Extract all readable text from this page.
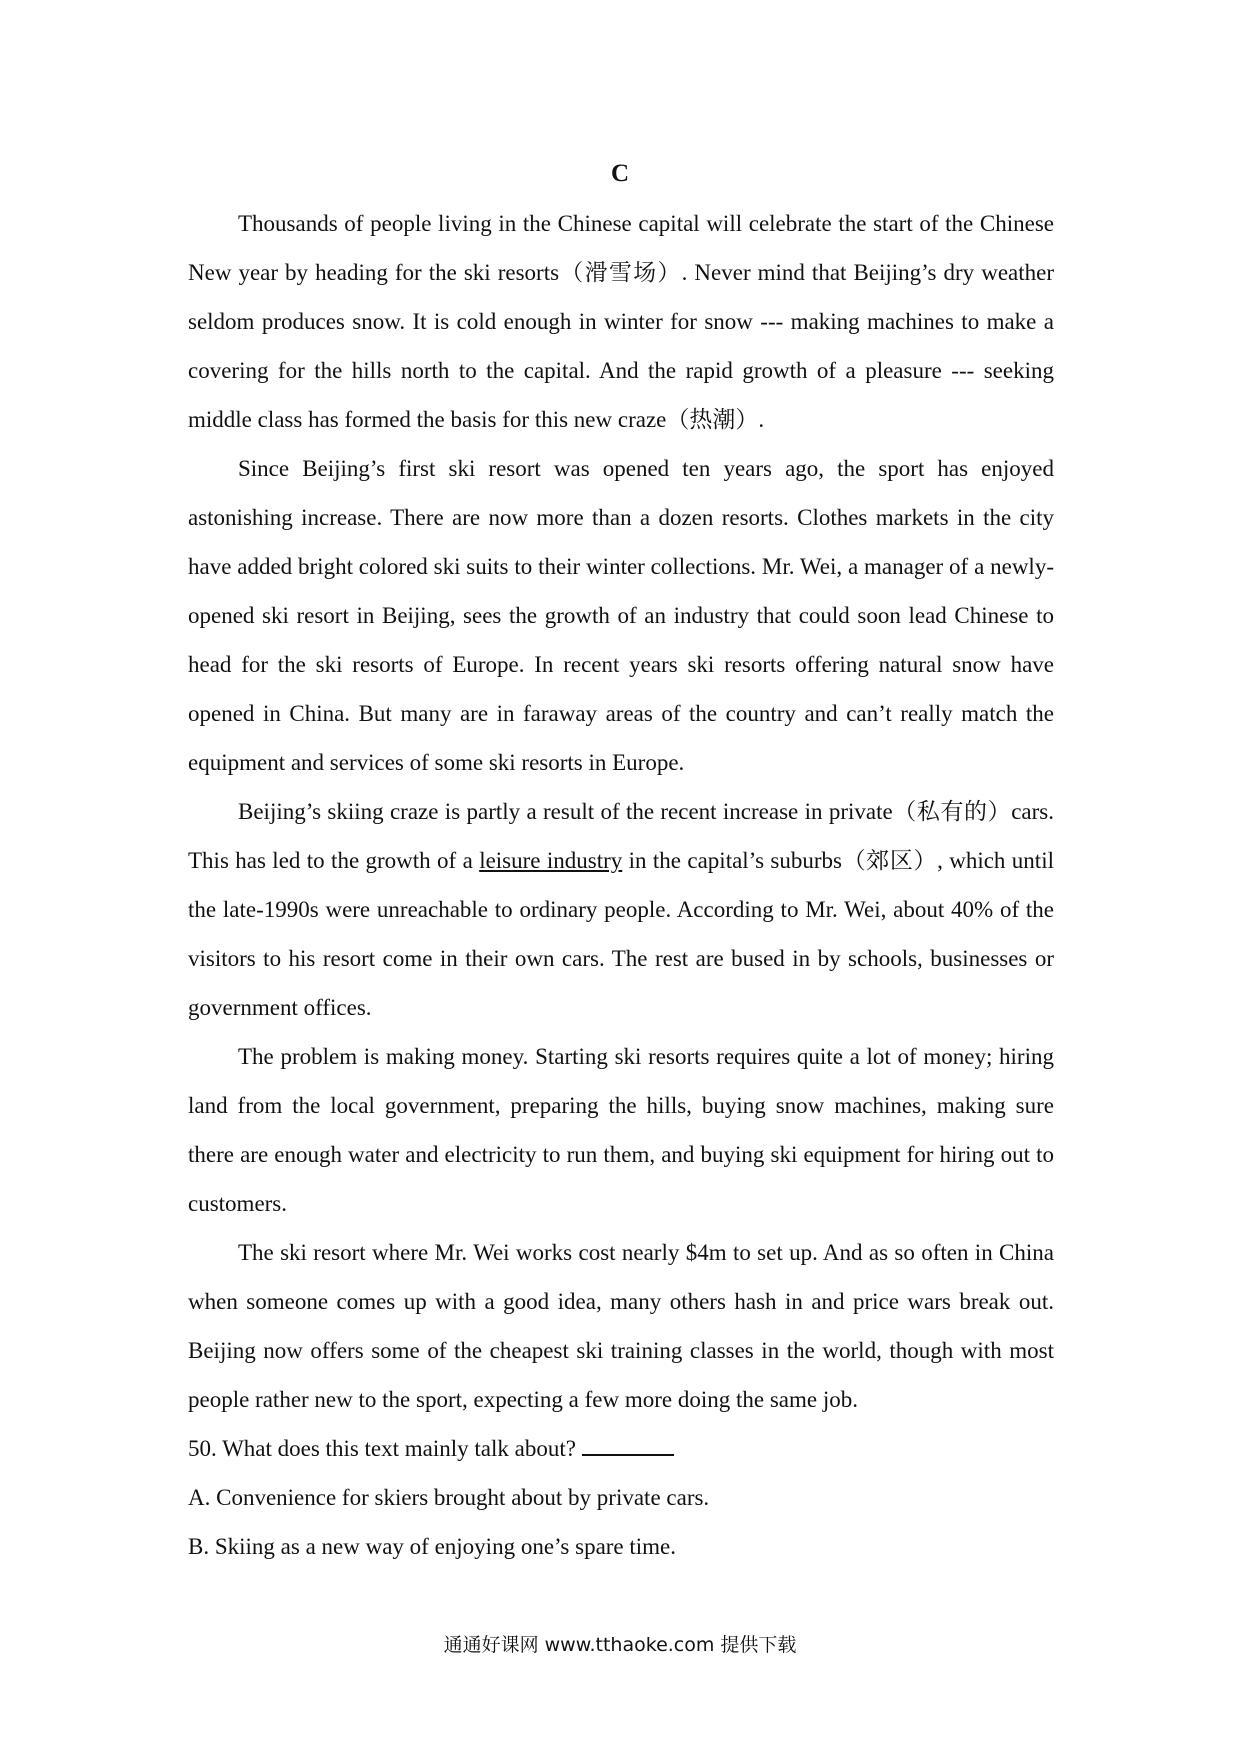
C

Thousands of people living in the Chinese capital will celebrate the start of the Chinese New year by heading for the ski resorts（滑雪场）. Never mind that Beijing’s dry weather seldom produces snow. It is cold enough in winter for snow --- making machines to make a covering for the hills north to the capital. And the rapid growth of a pleasure --- seeking middle class has formed the basis for this new craze（热潮）.

Since Beijing’s first ski resort was opened ten years ago, the sport has enjoyed astonishing increase. There are now more than a dozen resorts. Clothes markets in the city have added bright colored ski suits to their winter collections. Mr. Wei, a manager of a newly-opened ski resort in Beijing, sees the growth of an industry that could soon lead Chinese to head for the ski resorts of Europe. In recent years ski resorts offering natural snow have opened in China. But many are in faraway areas of the country and can’t really match the equipment and services of some ski resorts in Europe.

Beijing’s skiing craze is partly a result of the recent increase in private（私有的）cars. This has led to the growth of a leisure industry in the capital’s suburbs（郊区）, which until the late-1990s were unreachable to ordinary people. According to Mr. Wei, about 40% of the visitors to his resort come in their own cars. The rest are bused in by schools, businesses or government offices.

The problem is making money. Starting ski resorts requires quite a lot of money; hiring land from the local government, preparing the hills, buying snow machines, making sure there are enough water and electricity to run them, and buying ski equipment for hiring out to customers.

The ski resort where Mr. Wei works cost nearly $4m to set up. And as so often in China when someone comes up with a good idea, many others hash in and price wars break out. Beijing now offers some of the cheapest ski training classes in the world, though with most people rather new to the sport, expecting a few more doing the same job.

50. What does this text mainly talk about?

A. Convenience for skiers brought about by private cars.

B. Skiing as a new way of enjoying one’s spare time.

通通好课网 www.tthaoke.com 提供下载
